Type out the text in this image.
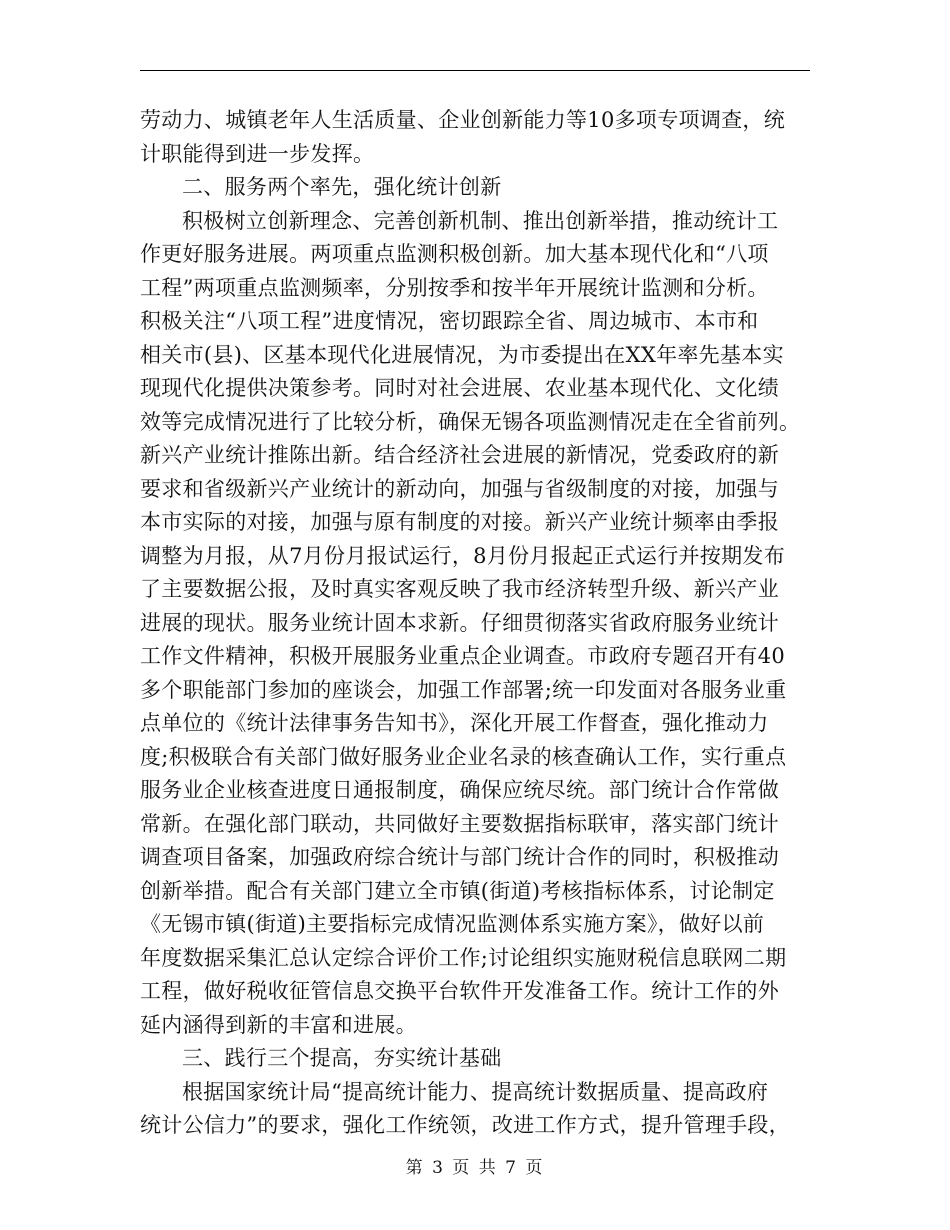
劳动力、城镇老年人生活质量、企业创新能力等10多项专项调查，统
计职能得到进一步发挥。
二、服务两个率先，强化统计创新
积极树立创新理念、完善创新机制、推出创新举措，推动统计工
作更好服务进展。两项重点监测积极创新。加大基本现代化和“八项
工程”两项重点监测频率，分别按季和按半年开展统计监测和分析。
积极关注“八项工程”进度情况，密切跟踪全省、周边城市、本市和
相关市(县)、区基本现代化进展情况，为市委提出在XX年率先基本实
现现代化提供决策参考。同时对社会进展、农业基本现代化、文化绩
效等完成情况进行了比较分析，确保无锡各项监测情况走在全省前列。
新兴产业统计推陈出新。结合经济社会进展的新情况，党委政府的新
要求和省级新兴产业统计的新动向，加强与省级制度的对接，加强与
本市实际的对接，加强与原有制度的对接。新兴产业统计频率由季报
调整为月报，从7月份月报试运行，8月份月报起正式运行并按期发布
了主要数据公报，及时真实客观反映了我市经济转型升级、新兴产业
进展的现状。服务业统计固本求新。仔细贯彻落实省政府服务业统计
工作文件精神，积极开展服务业重点企业调查。市政府专题召开有40
多个职能部门参加的座谈会，加强工作部署;统一印发面对各服务业重
点单位的《统计法律事务告知书》，深化开展工作督查，强化推动力
度;积极联合有关部门做好服务业企业名录的核查确认工作，实行重点
服务业企业核查进度日通报制度，确保应统尽统。部门统计合作常做
常新。在强化部门联动，共同做好主要数据指标联审，落实部门统计
调查项目备案，加强政府综合统计与部门统计合作的同时，积极推动
创新举措。配合有关部门建立全市镇(街道)考核指标体系，讨论制定
《无锡市镇(街道)主要指标完成情况监测体系实施方案》，做好以前
年度数据采集汇总认定综合评价工作;讨论组织实施财税信息联网二期
工程，做好税收征管信息交换平台软件开发准备工作。统计工作的外
延内涵得到新的丰富和进展。
三、践行三个提高，夯实统计基础
根据国家统计局“提高统计能力、提高统计数据质量、提高政府
统计公信力”的要求，强化工作统领，改进工作方式，提升管理手段，
第 3 页 共 7 页
